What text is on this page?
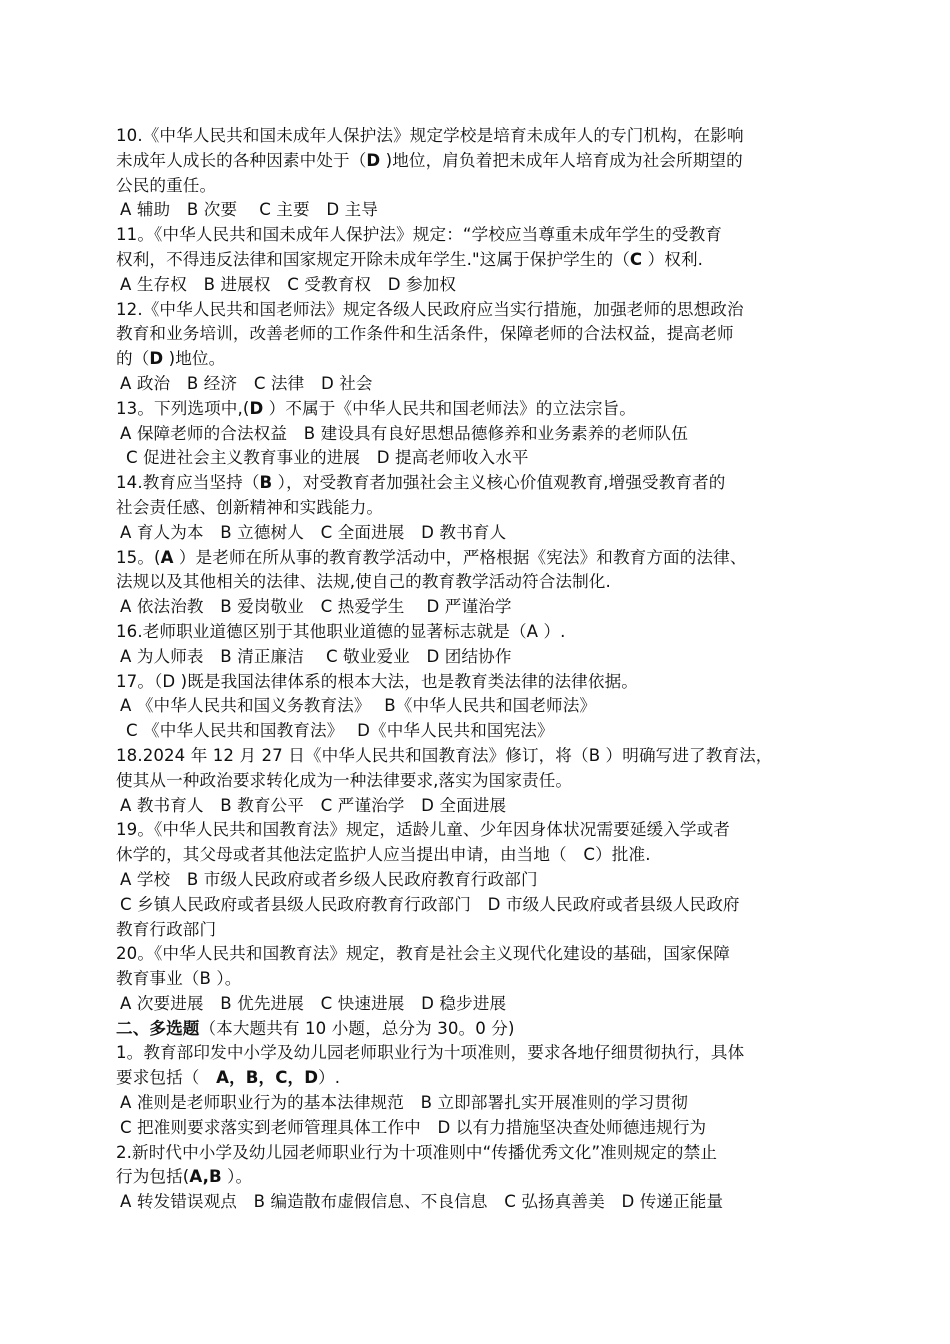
10.《中华人民共和国未成年人保护法》规定学校是培育未成年人的专门机构，在影响
未成年人成长的各种因素中处于（D )地位，肩负着把未成年人培育成为社会所期望的
公民的重任。
A 辅助　B 次要　 C 主要　D 主导
11。《中华人民共和国未成年人保护法》规定：“学校应当尊重未成年学生的受教育
权利，不得违反法律和国家规定开除未成年学生."这属于保护学生的（C ）权利.
A 生存权　B 进展权　C 受教育权　D 参加权
12.《中华人民共和国老师法》规定各级人民政府应当实行措施，加强老师的思想政治
教育和业务培训，改善老师的工作条件和生活条件，保障老师的合法权益，提高老师
的（D )地位。
A 政治　B 经济　C 法律　D 社会
13。下列选项中,(D ）不属于《中华人民共和国老师法》的立法宗旨。
A 保障老师的合法权益　B 建设具有良好思想品德修养和业务素养的老师队伍
C 促进社会主义教育事业的进展　D 提高老师收入水平
14.教育应当坚持（B ），对受教育者加强社会主义核心价值观教育,增强受教育者的
社会责任感、创新精神和实践能力。
A 育人为本　B 立德树人　C 全面进展　D 教书育人
15。(A ）是老师在所从事的教育教学活动中，严格根据《宪法》和教育方面的法律、
法规以及其他相关的法律、法规,使自己的教育教学活动符合法制化.
A 依法治教　B 爱岗敬业　C 热爱学生　 D 严谨治学
16.老师职业道德区别于其他职业道德的显著标志就是（A ）.
A 为人师表　B 清正廉洁　 C 敬业爱业　D 团结协作
17。（D )既是我国法律体系的根本大法，也是教育类法律的法律依据。
A 《中华人民共和国义务教育法》　 B《中华人民共和国老师法》
C 《中华人民共和国教育法》　 D《中华人民共和国宪法》
18.2024 年 12 月 27 日《中华人民共和国教育法》修订，将（B ）明确写进了教育法，
使其从一种政治要求转化成为一种法律要求,落实为国家责任。
A 教书育人　B 教育公平　C 严谨治学　D 全面进展
19。《中华人民共和国教育法》规定，适龄儿童、少年因身体状况需要延缓入学或者
休学的，其父母或者其他法定监护人应当提出申请，由当地（　C）批准.
A 学校　B 市级人民政府或者乡级人民政府教育行政部门
C 乡镇人民政府或者县级人民政府教育行政部门　D 市级人民政府或者县级人民政府
教育行政部门
20。《中华人民共和国教育法》规定，教育是社会主义现代化建设的基础，国家保障
教育事业（B ）。
A 次要进展　B 优先进展　C 快速进展　D 稳步进展
二、多选题（本大题共有 10 小题，总分为 30。0 分)
1。教育部印发中小学及幼儿园老师职业行为十项准则，要求各地仔细贯彻执行，具体
要求包括（　A，B，C，D）.
A 准则是老师职业行为的基本法律规范　B 立即部署扎实开展准则的学习贯彻
C 把准则要求落实到老师管理具体工作中　D 以有力措施坚决查处师德违规行为
2.新时代中小学及幼儿园老师职业行为十项准则中“传播优秀文化”准则规定的禁止
行为包括(A,B ）。
A 转发错误观点　B 编造散布虚假信息、不良信息　C 弘扬真善美　D 传递正能量
